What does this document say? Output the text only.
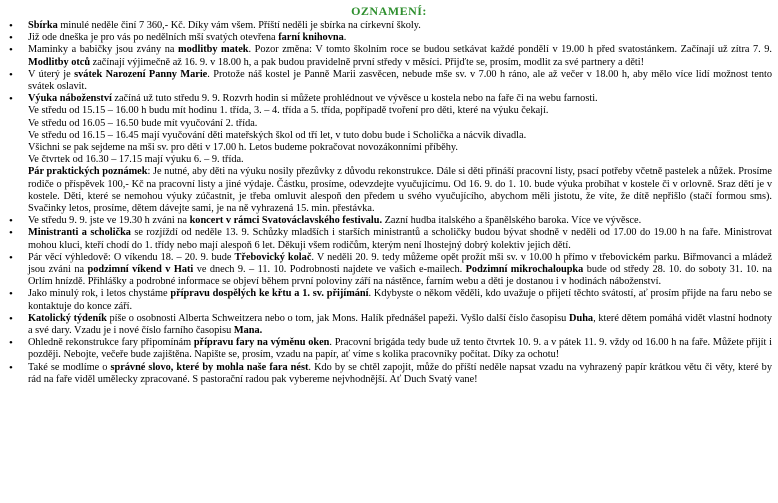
OZNAMENÍ:
• Sbírka minulé neděle činí 7 360,- Kč. Díky vám všem. Příští neděli je sbírka na církevní školy.
• Již ode dneška je pro vás po nedělních mší svatých otevřena farní knihovna.
• Maminky a babičky jsou zvány na modlitby matek. Pozor změna: V tomto školním roce se budou setkávat každé pondělí v 19.00 h před svatostánkem. Začínají už zítra 7. 9. Modlitby otců začínají výjimečně až 16. 9. v 18.00 h, a pak budou pravidelně první středy v měsíci. Přijďte se, prosím, modlit za své partnery a děti!
• V úterý je svátek Narození Panny Marie. Protože náš kostel je Panně Marii zasvěcen, nebude mše sv. v 7.00 h ráno, ale až večer v 18.00 h, aby mělo více lidí možnost tento svátek oslavit.
• Výuka náboženství začíná už tuto středu 9. 9. Rozvrh hodin si můžete prohlédnout ve vývěsce u kostela nebo na faře či na webu farnosti.
Ve středu od 15.15 – 16.00 h budu mít hodinu 1. třída, 3. – 4. třída a 5. třída, popřípadě tvoření pro děti, které na výuku čekají.
Ve středu od 16.05 – 16.50 bude mít vyučování 2. třída.
Ve středu od 16.15 – 16.45 mají vyučování děti mateřských škol od tří let, v tuto dobu bude i Scholička a nácvik divadla.
Všichni se pak sejdeme na mši sv. pro děti v 17.00 h. Letos budeme pokračovat novozákonními příběhy.
Ve čtvrtek od 16.30 – 17.15 mají výuku 6. – 9. třída.
Pár praktických poznámek: Je nutné, aby děti na výuku nosily přezůvky z důvodu rekonstrukce. Dále si děti přináší pracovní listy, psací potřeby včetně pastelek a nůžek. Prosíme rodiče o příspěvek 100,- Kč na pracovní listy a jiné výdaje. Částku, prosíme, odevzdejte vyučujícímu. Od 16. 9. do 1. 10. bude výuka probíhat v kostele či v orlovně. Sraz dětí je v kostele. Děti, které se nemohou výuky zúčastnit, je třeba omluvit alespoň den předem u svého vyučujícího, abychom měli jistotu, že víte, že dítě nepřišlo (stačí formou sms). Svačinky letos, prosíme, dětem dávejte sami, je na ně vyhrazená 15. min. přestávka.
• Ve středu 9. 9. jste ve 19.30 h zváni na koncert v rámci Svatováclavského festivalu. Zazní hudba italského a španělského baroka. Více ve vývěsce.
• Ministranti a scholička se rozjíždí od neděle 13. 9. Schůzky mladších i starších ministrantů a scholičky budou bývat shodně v neděli od 17.00 do 19.00 h na faře. Ministrovat mohou kluci, kteří chodí do 1. třídy nebo mají alespoň 6 let. Děkuji všem rodičům, kterým není lhostejný dobrý kolektiv jejich dětí.
• Pár věcí výhledově: O víkendu 18. – 20. 9. bude Třebovický kolač. V neděli 20. 9. tedy můžeme opět prožít mši sv. v 10.00 h přímo v třebovickém parku. Biřmovanci a mládež jsou zváni na podzimní víkend v Hati ve dnech 9. – 11. 10. Podrobnosti najdete ve vašich e-mailech. Podzimní mikrochaloupka bude od středy 28. 10. do soboty 31. 10. na Orlím hnízdě. Přihlášky a podrobné informace se objeví během první poloviny září na nástěnce, farním webu a děti je dostanou i v hodinách náboženství.
• Jako minulý rok, i letos chystáme přípravu dospělých ke křtu a 1. sv. přijímání. Kdybyste o někom věděli, kdo uvažuje o přijetí těchto svátostí, ať prosím přijde na faru nebo se kontaktuje do konce září.
• Katolický týdeník píše o osobnosti Alberta Schweitzera nebo o tom, jak Mons. Halík přednášel papeži. Vyšlo další číslo časopisu Duha, které dětem pomáhá vidět vlastní hodnoty a své dary. Vzadu je i nové číslo farního časopisu Mana.
• Ohledně rekonstrukce fary připomínám přípravu fary na výměnu oken. Pracovní brigáda tedy bude už tento čtvrtek 10. 9. a v pátek 11. 9. vždy od 16.00 h na faře. Můžete přijít i později. Nebojte, večeře bude zajištěna. Napište se, prosím, vzadu na papír, ať víme s kolika pracovníky počítat. Díky za ochotu!
• Také se modlíme o správné slovo, které by mohla naše fara nést. Kdo by se chtěl zapojit, může do příští neděle napsat vzadu na vyhrazený papír krátkou větu či věty, které by rád na faře viděl umělecky zpracované. S pastorační radou pak vybereme nejvhodnější. Ať Duch Svatý vane!
